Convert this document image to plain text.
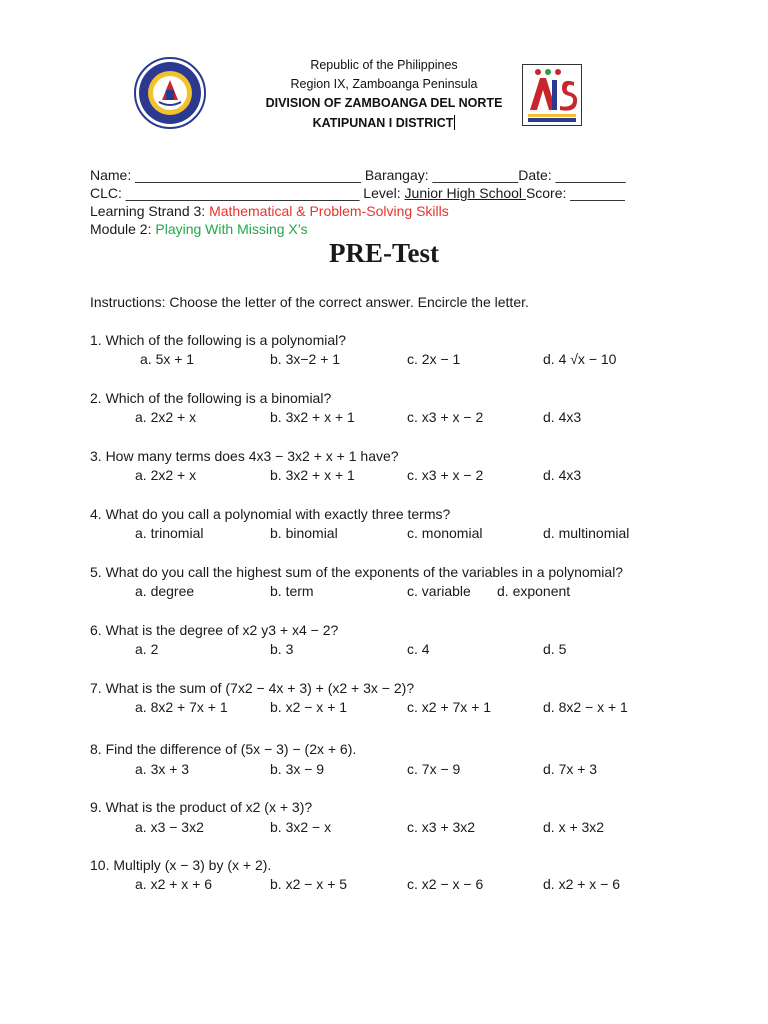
Republic of the Philippines
Region IX, Zamboanga Peninsula
DIVISION OF ZAMBOANGA DEL NORTE
KATIPUNAN I DISTRICT
Name: _____________________________ Barangay: ___________Date: _________
CLC: ______________________________ Level: Junior High School Score: _______
Learning Strand 3: Mathematical & Problem-Solving Skills
Module 2: Playing With Missing X’s
PRE-Test
Instructions: Choose the letter of the correct answer. Encircle the letter.
1. Which of the following is a polynomial?
a. 5x + 1	b. 3x−2 + 1	c. 2x − 1	d. 4 √x − 10
2. Which of the following is a binomial?
a. 2x2 + x	b. 3x2 + x + 1	c. x3 + x − 2	d. 4x3
3. How many terms does 4x3 − 3x2 + x + 1 have?
a. 2x2 + x	b. 3x2 + x + 1	c. x3 + x − 2	d. 4x3
4. What do you call a polynomial with exactly three terms?
a. trinomial	b. binomial	c. monomial	d. multinomial
5. What do you call the highest sum of the exponents of the variables in a polynomial?
a. degree	b. term	c. variable d. exponent
6. What is the degree of x2 y3 + x4 − 2?
a. 2	b. 3	c. 4	d. 5
7. What is the sum of (7x2 − 4x + 3) + (x2 + 3x − 2)?
a. 8x2 + 7x + 1	b. x2 − x + 1	c. x2 + 7x + 1	d. 8x2 − x + 1
8. Find the difference of (5x − 3) − (2x + 6).
a. 3x + 3	b. 3x − 9	c. 7x − 9	d. 7x + 3
9. What is the product of x2 (x + 3)?
a. x3 − 3x2	b. 3x2 − x	c. x3 + 3x2	d. x + 3x2
10. Multiply (x − 3) by (x + 2).
a. x2 + x + 6	b. x2 − x + 5	c. x2 − x − 6	d. x2 + x − 6
